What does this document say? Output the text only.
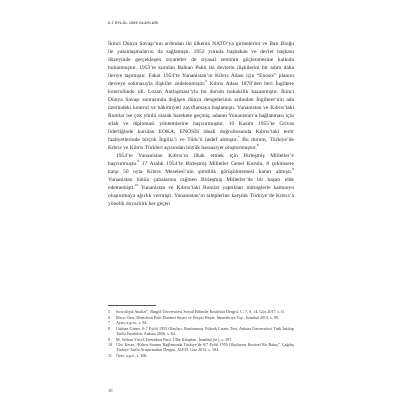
6-7 EYLÜL 1955 OLAYLARI

İkinci Dünya Savaşı’nın ardından iki ülkenin NATO’ya girmelerini ve Batı Bloğu ile yakınlaşmalarını da sağlamıştı. 1952 yılında başbakan ve devlet başkanı düzeyinde gerçekleşen ziyaretler de siyasal zeminin güçlenmesine katkıda bulunmuştur. 1953’te kurulan Balkan Paktı iki devletin ilişkilerini bir adım daha ileriye taşımıştır. Fakat 1954’te Yunanistan’ın Kıbrıs Adası için “Enosis” planını devreye sokmasıyla ilişkiler zedelenmiştir.$^6$ Kıbrıs Adası 1878’den beri İngiltere kontrolünde idi. Lozan Antlaşması’yla bu durum hukukilik kazanmıştır. İkinci Dünya Savaşı sonrasında değişen dünya dengelerinin ardından İngiltere’nin ada üzerindeki kontrol ve hâkimiyeti zayıflamaya başlamıştı. Yunanistan ve Kıbrıs’taki Rumlar ise çok yönlü olarak harekete geçmiş, adanın Yunanistan’a bağlanması için silah ve diplomasi yöntemlerine başvurmuştur. 10 Kasım 1955’te Grivas liderliğinde kurulan EOKA; ENOSİS ideali doğrultusunda Kıbrıs’taki terör faaliyetlerinde birçok İngiliz’i ve Türk’ü hedef almıştır.$^7$ Bu durum, Türkiye’de Kıbrıs ve Kıbrıs Türkleri açısından büyük hassasiyet oluşturmuştur.$^8$

1954’te Yunanistan Kıbrıs’ın ilhak etmek için Birleşmiş Milletler’e başvurmuştu.$^9$ 17 Aralık 1954’te Birleşmiş Milletler Genel Kurulu, 8 çekimsere karşı 50 oyla Kıbrıs Meselesi’nin şimdilik görüşülmemesi kararı almıştı.$^9$ Yunanistan bütün çabalarına rağmen Birleşmiş Milletler’de bir başarı elde edememişti.$^{10}$ Yunanistan ve Kıbrıs’taki Rumlar yaptıkları mitinglerle kamuoyu oluşturmaya ağırlık vermişti. Yunanistan’ın taleplerine karşılık Türkiye’de Kıbrıs’a yönelik duyarlılık her geçen

5	Sosyolojik Analizi”, Bingöl Üniversitesi Sosyal Bilimler Enstitüsü Dergisi, C. 7, S. 14, Güz 2017, s.11.
6	İlhcyi Özer, Demokrat Parti Dönemi Siyasi ve Sosyal Hayat, İskenderiye Yay., İstanbul 2015, s. 99.
7	Ayan, a.g.m., s. 84.
8	Gürhan Günes, 6-7 Eylül 1955 Olayları, Basılmamış Yüksek Lisans Tezi, Ankara Üniversitesi Türk İnkılap Tarihi Enstitüsü, Ankara 2006, s. 64.
9	M. Serhan Yücel, Demokrat Parti, Ülke Kitapları, İstanbul (tz.), s. 197.
10 Ulvi Keser, “Kıbrıs Sorunu Bağlamında Türkiye’de 6/7 Eylül 1955 Olaylarına Kesitsel Bir Bakış”, Çağdaş Türkiye Tarihi Araştırmaları Dergisi, XII/25, Güz 2012, s. 183.
11 Özer, a.g.e., s. 100.
10
